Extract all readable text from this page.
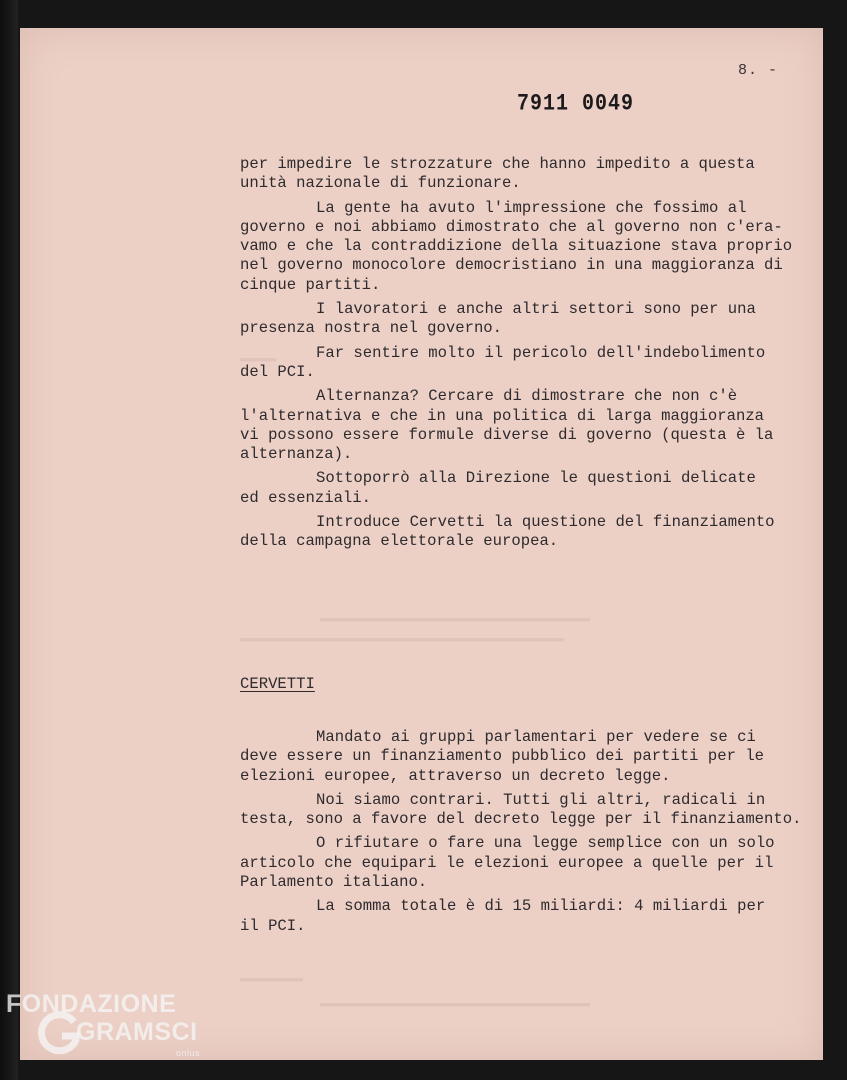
▬▬▬▬
▬▬▬▬▬▬▬▬▬▬▬▬▬▬▬▬▬▬▬▬▬▬▬▬▬▬▬▬▬▬
▬▬▬▬▬▬▬▬▬▬▬▬▬▬▬▬▬▬▬▬▬▬▬▬▬▬▬▬▬▬▬▬▬▬▬▬
▬▬▬▬▬▬▬
▬▬▬▬▬▬▬▬▬▬▬▬▬▬▬▬▬▬▬▬▬▬▬▬▬▬▬▬▬▬
8. -
7911 0049

per impedire le strozzature che hanno impedito a questa
unità nazionale di funzionare.

La gente ha avuto l'impressione che fossimo al
governo e noi abbiamo dimostrato che al governo non c'era-
vamo e che la contraddizione della situazione stava proprio
nel governo monocolore democristiano in una maggioranza di
cinque partiti.

I lavoratori e anche altri settori sono per una
presenza nostra nel governo.

Far sentire molto il pericolo dell'indebolimento
del PCI.

Alternanza? Cercare di dimostrare che non c'è
l'alternativa e che in una politica di larga maggioranza
vi possono essere formule diverse di governo (questa è la
alternanza).

Sottoporrò alla Direzione le questioni delicate
ed essenziali.

Introduce Cervetti la questione del finanziamento
della campagna elettorale europea.

CERVETTI

Mandato ai gruppi parlamentari per vedere se ci
deve essere un finanziamento pubblico dei partiti per le
elezioni europee, attraverso un decreto legge.

Noi siamo contrari. Tutti gli altri, radicali in
testa, sono a favore del decreto legge per il finanziamento.

O rifiutare o fare una legge semplice con un solo
articolo che equipari le elezioni europee a quelle per il
Parlamento italiano.

La somma totale è di 15 miliardi: 4 miliardi per
il PCI.

FONDAZIONE
GRAMSCI
onlus
